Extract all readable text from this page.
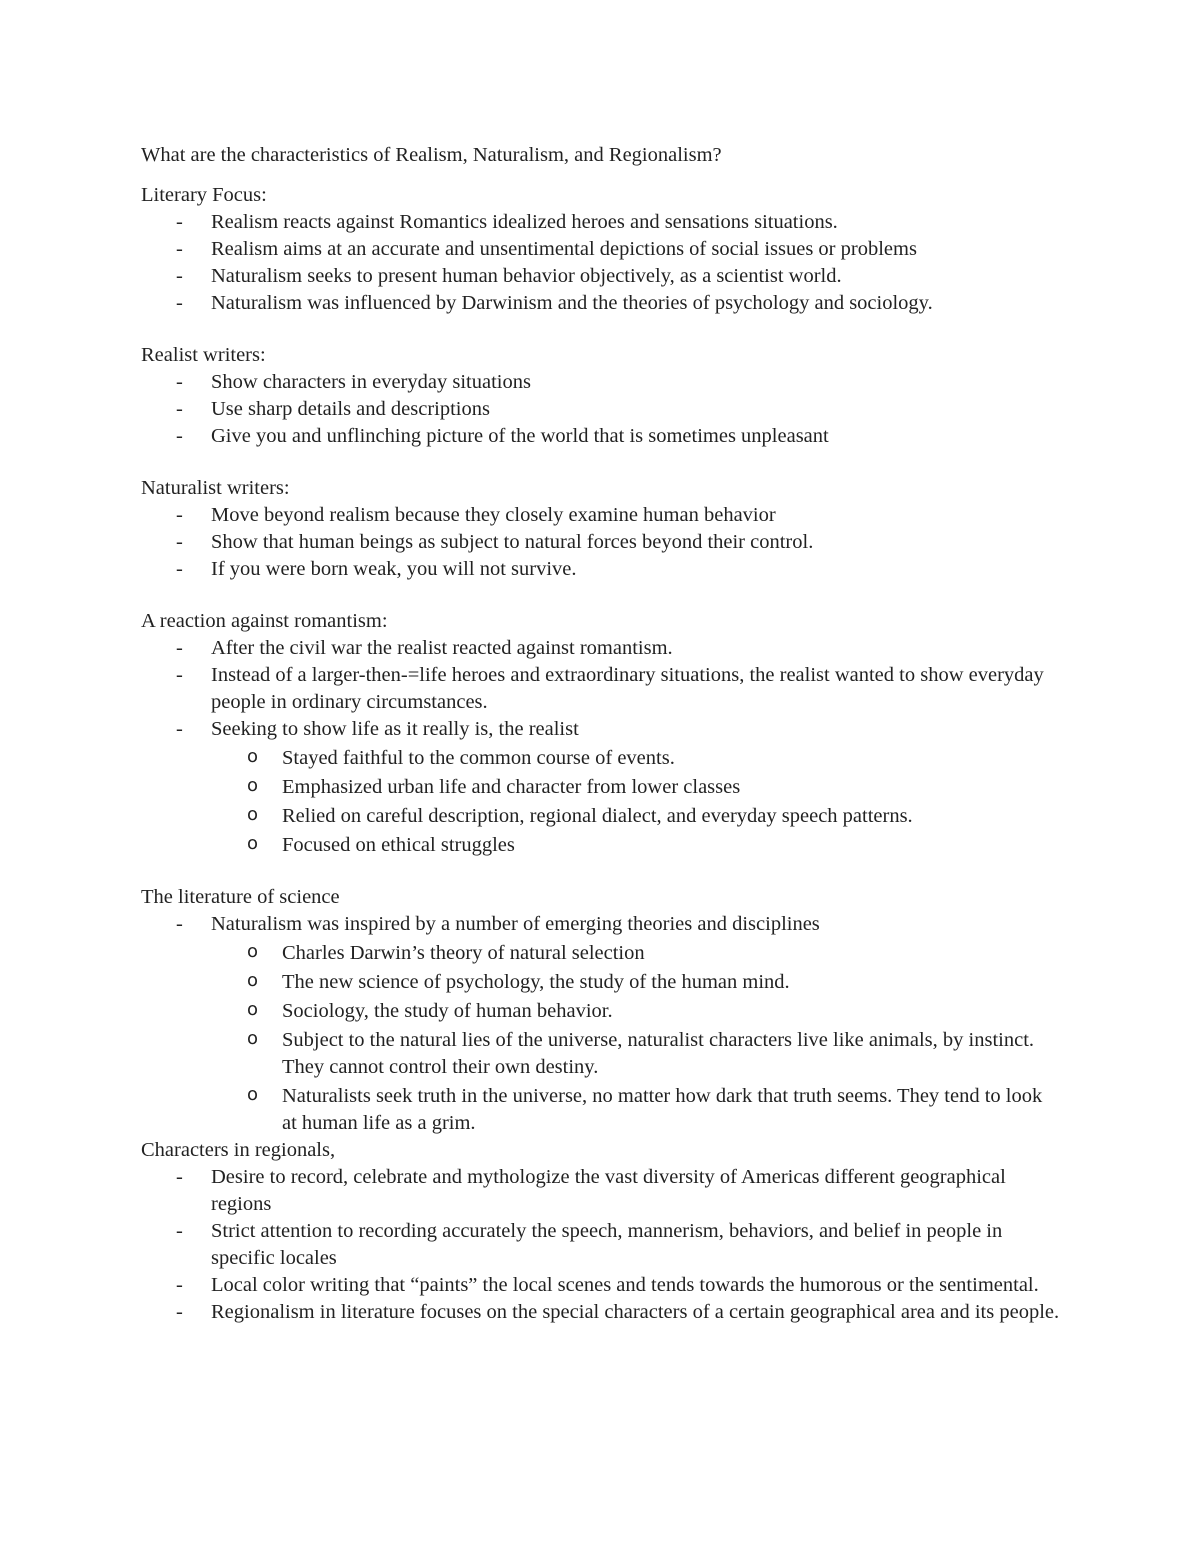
What are the characteristics of Realism, Naturalism, and Regionalism?

Literary Focus:

- Realism reacts against Romantics idealized heroes and sensations situations.
- Realism aims at an accurate and unsentimental depictions of social issues or problems
- Naturalism seeks to present human behavior objectively, as a scientist world.
- Naturalism was influenced by Darwinism and the theories of psychology and sociology.

Realist writers:

- Show characters in everyday situations
- Use sharp details and descriptions
- Give you and unflinching picture of the world that is sometimes unpleasant

Naturalist writers:

- Move beyond realism because they closely examine human behavior
- Show that human beings as subject to natural forces beyond their control.
- If you were born weak, you will not survive.

A reaction against romantism:

- After the civil war the realist reacted against romantism.
- Instead of a larger-then-=life heroes and extraordinary situations, the realist wanted to show everyday people in ordinary circumstances.
- Seeking to show life as it really is, the realist
o Stayed faithful to the common course of events.
o Emphasized urban life and character from lower classes
o Relied on careful description, regional dialect, and everyday speech patterns.
o Focused on ethical struggles

The literature of science

- Naturalism was inspired by a number of emerging theories and disciplines
o Charles Darwin’s theory of natural selection
o The new science of psychology, the study of the human mind.
o Sociology, the study of human behavior.
o Subject to the natural lies of the universe, naturalist characters live like animals, by instinct. They cannot control their own destiny.
o Naturalists seek truth in the universe, no matter how dark that truth seems. They tend to look at human life as a grim.

Characters in regionals,

- Desire to record, celebrate and mythologize the vast diversity of Americas different geographical regions
- Strict attention to recording accurately the speech, mannerism, behaviors, and belief in people in specific locales
- Local color writing that “paints” the local scenes and tends towards the humorous or the sentimental.
- Regionalism in literature focuses on the special characters of a certain geographical area and its people.
